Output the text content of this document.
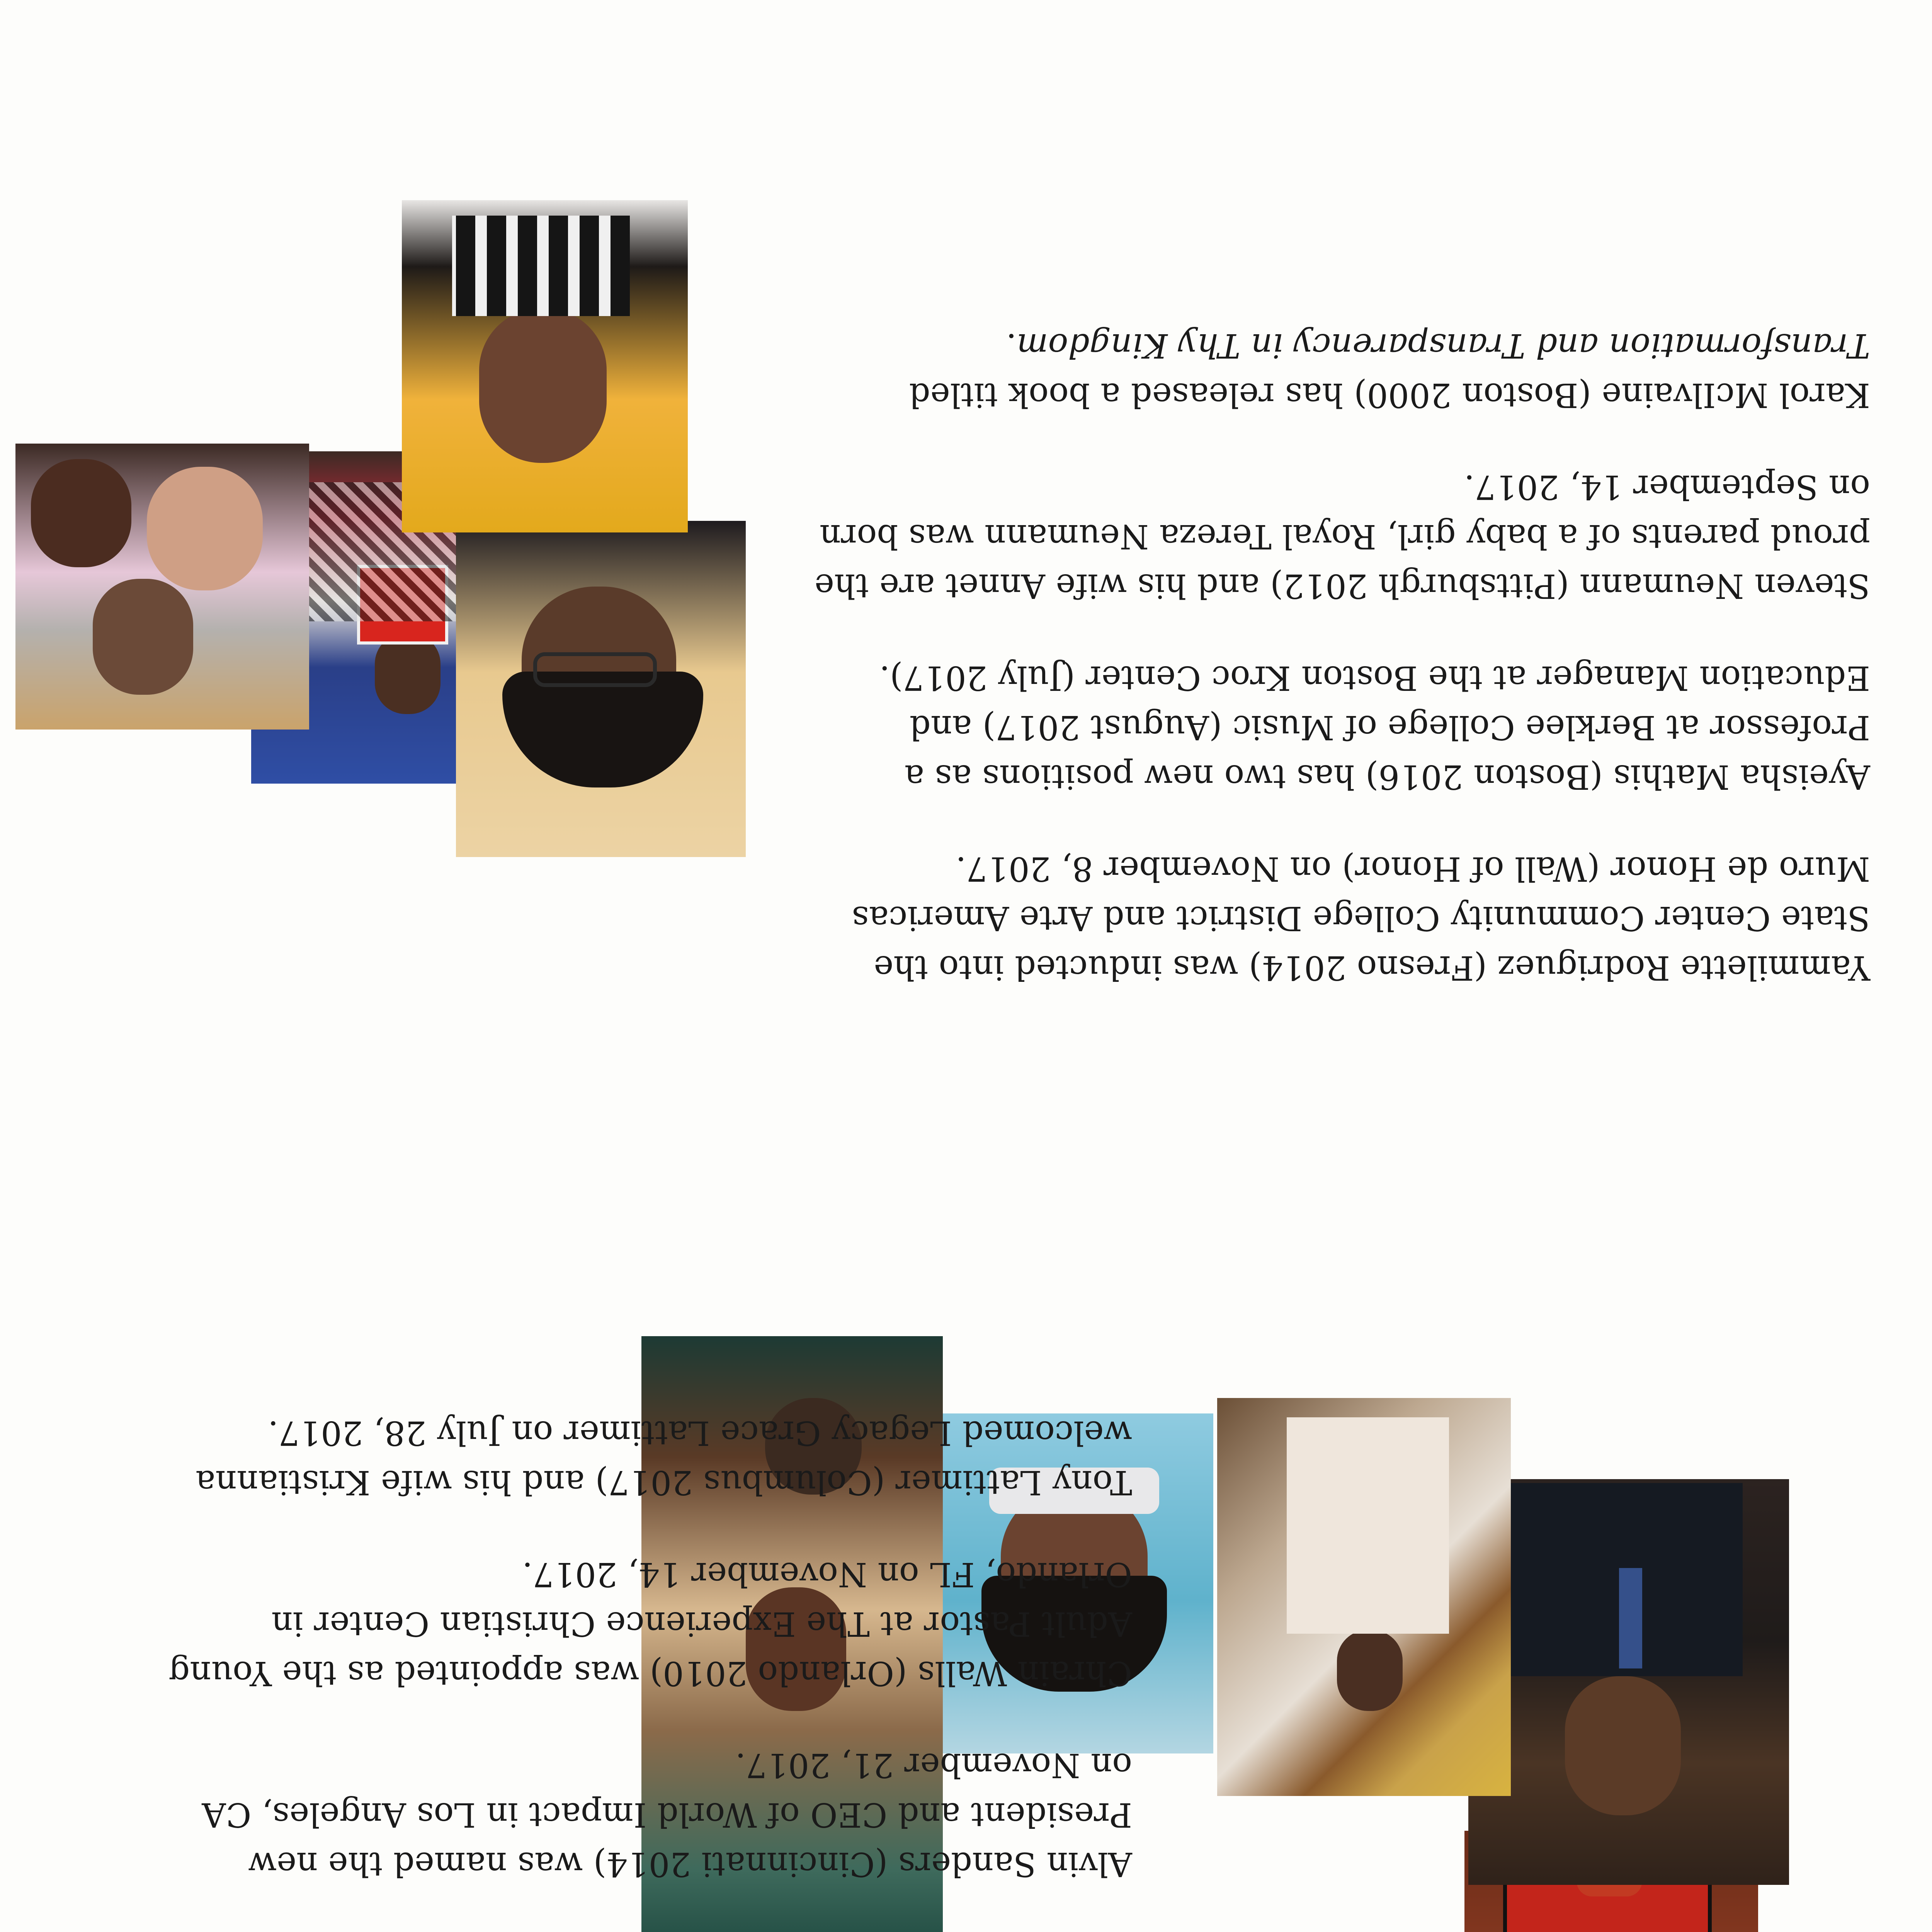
Alvin Sanders (Cincinnati 2014) was named the new President and CEO of World Impact in Los Angeles, CA on November 21, 2017.

Chrain Walls (Orlando 2010) was appointed as the Young Adult Pastor at The Experience Christian Center in Orlando, FL on November 14, 2017.

Tony Lattimer (Columbus 2017) and his wife Kristianna welcomed Legacy Grace Lattimer on July 28, 2017.

Yammilette Rodriguez (Fresno 2014) was inducted into the State Center Community College District and Arte Americas Muro de Honor (Wall of Honor) on November 8, 2017.

Ayeisha Mathis (Boston 2016) has two new positions as a Professor at Berklee College of Music (August 2017) and Education Manager at the Boston Kroc Center (July 2017).

Steven Neumann (Pittsburgh 2012) and his wife Annet are the proud parents of a baby girl, Royal Tereza Neumann was born on September 14, 2017.

Karol McIlvaine (Boston 2000) has released a book titled Transformation and Transparency in Thy Kingdom.
